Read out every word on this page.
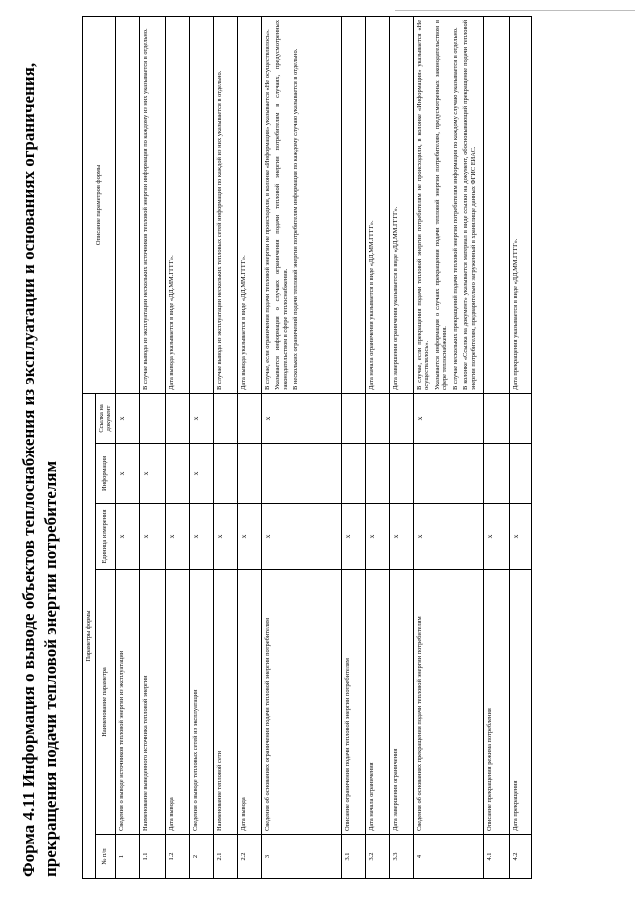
Форма 4.11 Информация о выводе объектов теплоснабжения из эксплуатации и основаниях ограничения, прекращения подачи тепловой энергии потребителям	Параметры формы					Описание параметров формы
№ п/п	Наименование параметра	Единица измерения	Информация	Ссылка на документ	
1	Сведения о выводе источников тепловой энергии из эксплуатации	x	x	x	
1.1	Наименование выведенного источника тепловой энергии	x	x		В случае вывода из эксплуатации нескольких источников тепловой энергии информация по каждому из них указывается в отдельно.

1.2	Дата вывода	x			Дата вывода указывается в виде «ДД.ММ.ГГГГ».

2	Сведения о выводе тепловых сетей из эксплуатации	x	x	x	
2.1	Наименование тепловой сети	x			В случае вывода из эксплуатации нескольких тепловых сетей информация по каждой из них указывается в отдельно.

2.2	Дата вывода	x			Дата вывода указывается в виде «ДД.ММ.ГГГГ».

3	Сведения об основаниях ограничения подачи тепловой энергии потребителям	x		x	В случае, если ограничения подачи тепловой энергии не происходили, в колонке «Информация» указывается «Не осуществлялось». Указывается информация о случаях ограничения подачи тепловой энергии потребителям в случаях, предусмотренных законодательством в сфере теплоснабжения. В нескольких ограничений подачи тепловой энергии потребителям информация по каждому случаю указывается в отдельно.

3.1	Описание ограничения подачи тепловой энергии потребителям	x			
3.2	Дата начала ограничения	x			Дата начала ограничения указывается в виде «ДД.ММ.ГГГГ».

3.3	Дата завершения ограничения	x			Дата завершения ограничения указывается в виде «ДД.ММ.ГГГГ».

4	Сведения об основаниях прекращения подачи тепловой энергии потребителям	x		x	В случае, если прекращения подачи тепловой энергии потребителям не происходили, в колонке «Информация» указывается «Не осуществлялось». Указывается информация о случаях прекращения подачи тепловой энергии потребителям, предусмотренных законодательством в сфере теплоснабжения. В случае нескольких прекращений подачи тепловой энергии потребителям информация по каждому случаю указывается в отдельно. В колонке «Ссылка на документ» указывается материал в виде ссылки на документ, обосновывающий прекращение подачи тепловой энергии потребителям, предварительно загруженный в хранилище данных ФГИС ЕИАС.

4.1	Описание прекращения режима потребления	x			
4.2	Дата прекращения	x			Дата прекращения указывается в виде «ДД.ММ.ГГГГ».
